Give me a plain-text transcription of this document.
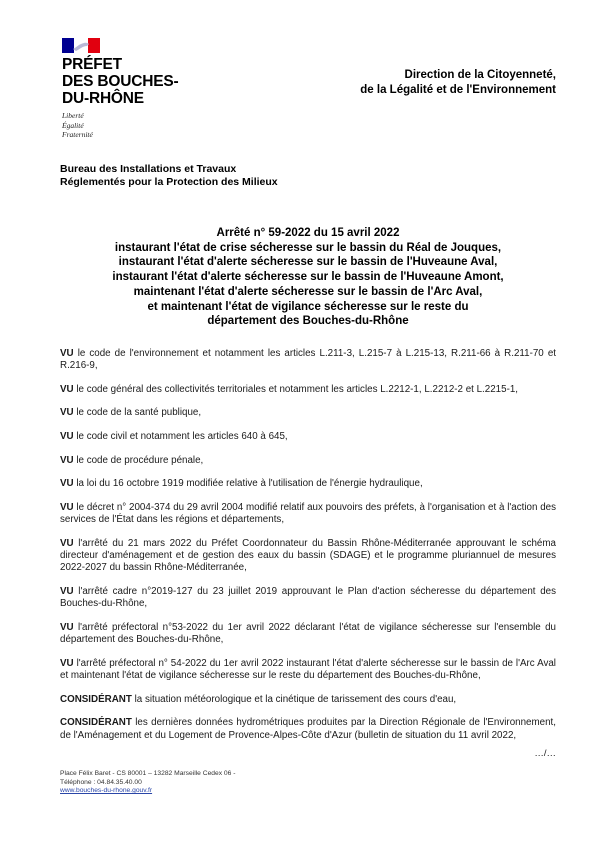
PRÉFET
DES BOUCHES-
DU-RHÔNE
Liberté
Égalité
Fraternité
Direction de la Citoyenneté,
de la Légalité et de l'Environnement
Bureau des Installations et Travaux
Réglementés pour la Protection des Milieux
Arrêté n° 59-2022 du 15 avril 2022
instaurant l'état de crise sécheresse sur le bassin du Réal de Jouques,
instaurant l'état d'alerte sécheresse sur le bassin de l'Huveaune Aval,
instaurant l'état d'alerte sécheresse sur le bassin de l'Huveaune Amont,
maintenant l'état d'alerte sécheresse sur le bassin de l'Arc Aval,
et maintenant l'état de vigilance sécheresse sur le reste du
département des Bouches-du-Rhône

VU le code de l'environnement et notamment les articles L.211-3, L.215-7 à L.215-13, R.211-66 à R.211-70 et R.216-9,

VU le code général des collectivités territoriales et notamment les articles L.2212-1, L.2212-2 et L.2215-1,

VU le code de la santé publique,

VU le code civil et notamment les articles 640 à 645,

VU le code de procédure pénale,

VU la loi du 16 octobre 1919 modifiée relative à l'utilisation de l'énergie hydraulique,

VU le décret n° 2004-374 du 29 avril 2004 modifié relatif aux pouvoirs des préfets, à l'organisation et à l'action des services de l'État dans les régions et départements,

VU l'arrêté du 21 mars 2022 du Préfet Coordonnateur du Bassin Rhône-Méditerranée approuvant le schéma directeur d'aménagement et de gestion des eaux du bassin (SDAGE) et le programme pluriannuel de mesures 2022-2027 du bassin Rhône-Méditerranée,

VU l'arrêté cadre n°2019-127 du 23 juillet 2019 approuvant le Plan d'action sécheresse du département des Bouches-du-Rhône,

VU l'arrêté préfectoral n°53-2022 du 1er avril 2022 déclarant l'état de vigilance sécheresse sur l'ensemble du département des Bouches-du-Rhône,

VU l'arrêté préfectoral n° 54-2022 du 1er avril 2022 instaurant l'état d'alerte sécheresse sur le bassin de l'Arc Aval et maintenant l'état de vigilance sécheresse sur le reste du département des Bouches-du-Rhône,

CONSIDÉRANT la situation météorologique et la cinétique de tarissement des cours d'eau,

CONSIDÉRANT les dernières données hydrométriques produites par la Direction Régionale de l'Environnement, de l'Aménagement et du Logement de Provence-Alpes-Côte d'Azur (bulletin de situation du 11 avril 2022,

…/…
Place Félix Baret - CS 80001 – 13282 Marseille Cedex 06 -
Téléphone : 04.84.35.40.00
www.bouches-du-rhone.gouv.fr
